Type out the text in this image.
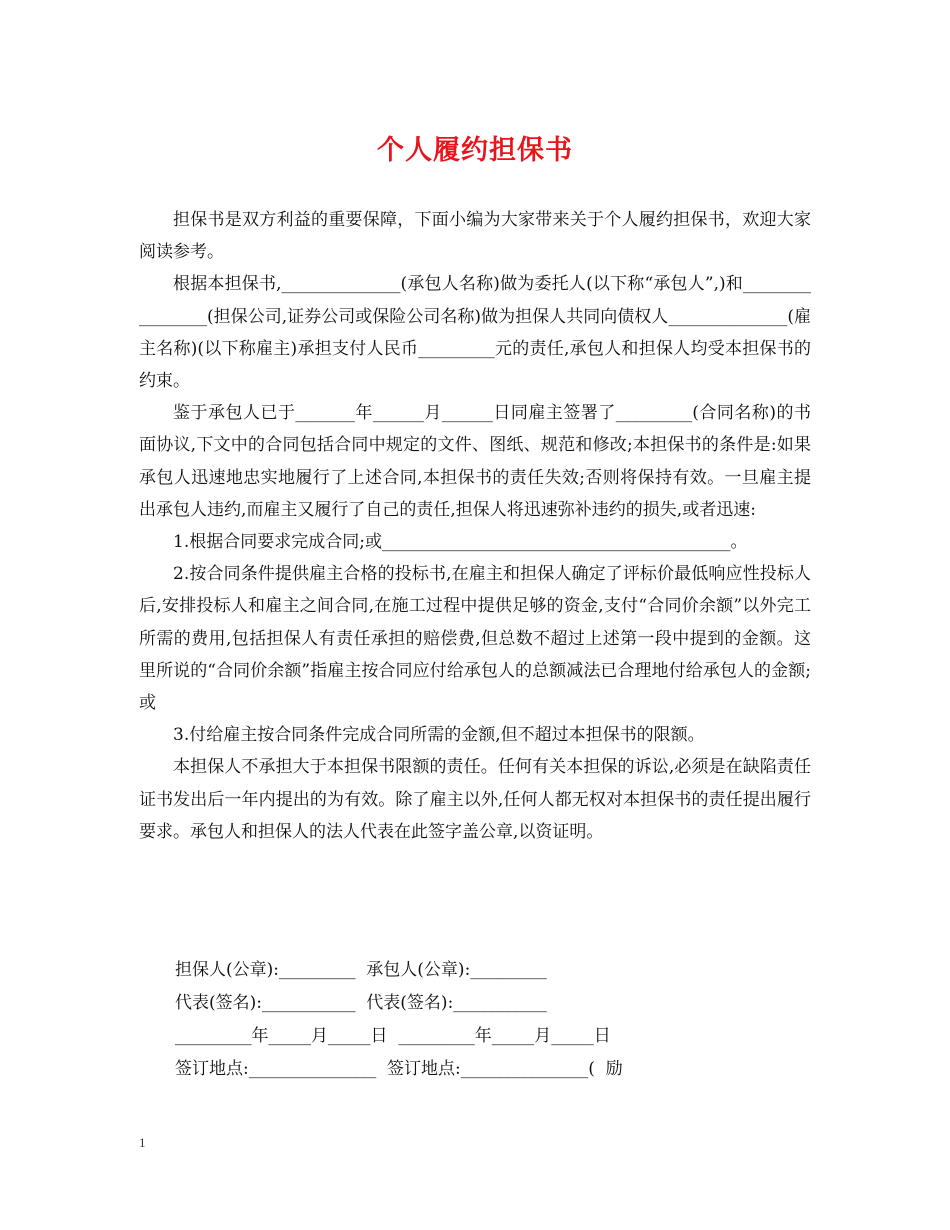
个人履约担保书

担保书是双方利益的重要保障，下面小编为大家带来关于个人履约担保书，欢迎大家阅读参考。

根据本担保书,______________(承包人名称)做为委托人(以下称“承包人”,)和________________(担保公司,证券公司或保险公司名称)做为担保人共同向债权人______________(雇主名称)(以下称雇主)承担支付人民币_________元的责任,承包人和担保人均受本担保书的约束。

鉴于承包人已于_______年______月______日同雇主签署了_________(合同名称)的书面协议,下文中的合同包括合同中规定的文件、图纸、规范和修改;本担保书的条件是:如果承包人迅速地忠实地履行了上述合同,本担保书的责任失效;否则将保持有效。一旦雇主提出承包人违约,而雇主又履行了自己的责任,担保人将迅速弥补违约的损失,或者迅速:

1.根据合同要求完成合同;或_________________________________________。

2.按合同条件提供雇主合格的投标书,在雇主和担保人确定了评标价最低响应性投标人后,安排投标人和雇主之间合同,在施工过程中提供足够的资金,支付“合同价余额”以外完工所需的费用,包括担保人有责任承担的赔偿费,但总数不超过上述第一段中提到的金额。这里所说的“合同价余额”指雇主按合同应付给承包人的总额减法已合理地付给承包人的金额;或

3.付给雇主按合同条件完成合同所需的金额,但不超过本担保书的限额。

本担保人不承担大于本担保书限额的责任。任何有关本担保的诉讼,必须是在缺陷责任证书发出后一年内提出的为有效。除了雇主以外,任何人都无权对本担保书的责任提出履行要求。承包人和担保人的法人代表在此签字盖公章,以资证明。

担保人(公章):_________  承包人(公章):_________
代表(签名):___________  代表(签名):___________
_________年_____月_____日  _________年_____月_____日
签订地点:_______________  签订地点:_______________(  励
1
